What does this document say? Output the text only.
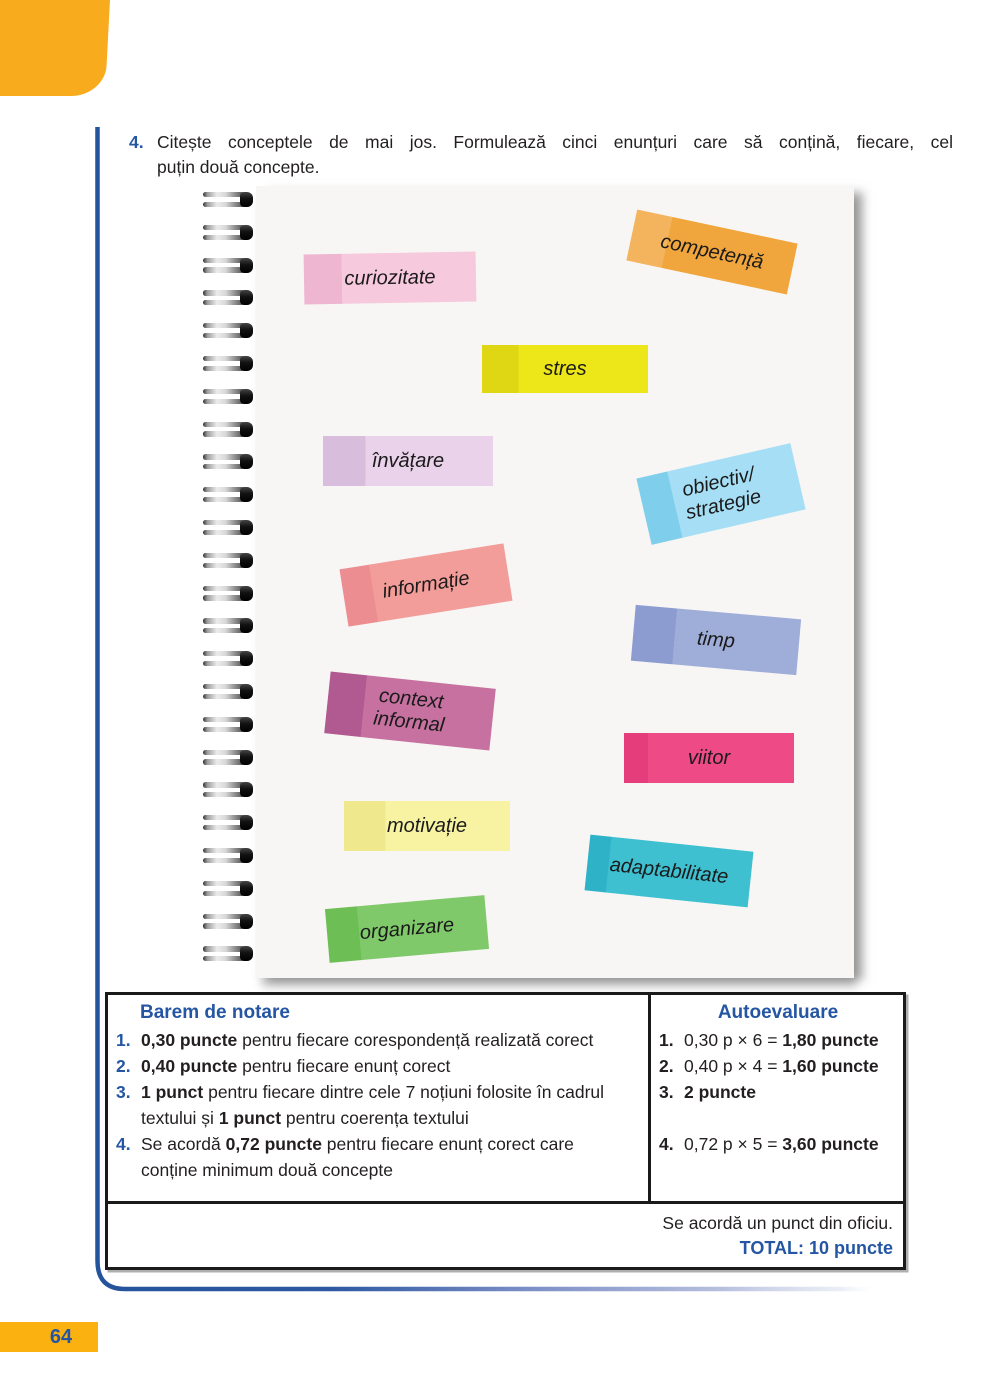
4. Citește conceptele de mai jos. Formulează cinci enunțuri care să conțină, fiecare, cel
puțin două concepte.
curiozitate
competență
stres
învățare
obiectiv/
strategie
informație
timp
context
informal
viitor
motivație
adaptabilitate
organizare
Barem de notare
1. 0,30 puncte pentru fiecare corespondență realizată corect
2. 0,40 puncte pentru fiecare enunț corect
3. 1 punct pentru fiecare dintre cele 7 noțiuni folosite în cadrul
textului și 1 punct pentru coerența textului
4. Se acordă 0,72 puncte pentru fiecare enunț corect care
conține minimum două concepte
Autoevaluare
1. 0,30 p × 6 = 1,80 puncte
2. 0,40 p × 4 = 1,60 puncte
3. 2 puncte
4. 0,72 p × 5 = 3,60 puncte
Se acordă un punct din oficiu.
TOTAL: 10 puncte
64
